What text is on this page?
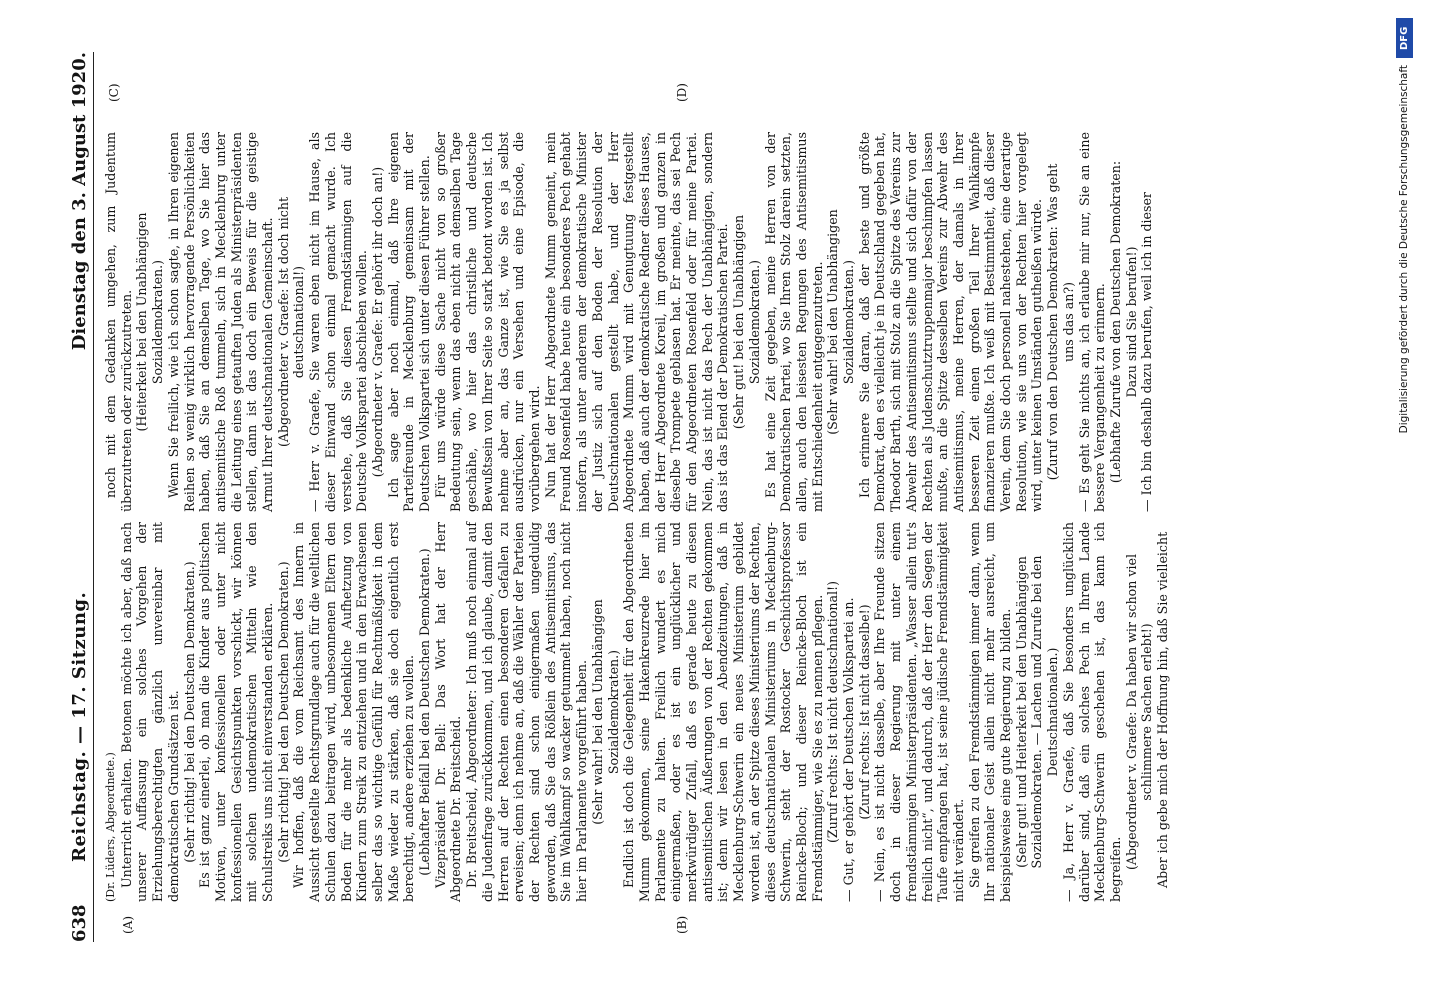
638
Reichstag. — 17. Sitzung.
Dienstag den 3. August 1920.
(A)	(B)
(C)	(D)

(Dr. Lüders, Abgeordnete.) Unterricht erhalten. Betonen möchte ich aber, daß nach unserer Auffassung ein solches Vorgehen der Erziehungsberechtigten gänzlich unvereinbar mit demokratischen Grundsätzen ist. (Sehr richtig! bei den Deutschen Demokraten.) Es ist ganz einerlei, ob man die Kinder aus politischen Motiven, unter konfessionellen oder unter nicht konfessionellen Gesichtspunkten vorschickt, wir können mit solchen undemokratischen Mitteln wie den Schulstreiks uns nicht einverstanden erklären. (Sehr richtig! bei den Deutschen Demokraten.) Wir hoffen, daß die vom Reichsamt des Innern in Aussicht gestellte Rechtsgrundlage auch für die weltlichen Schulen dazu beitragen wird, unbesonnenen Eltern den Boden für die mehr als bedenkliche Aufhetzung von Kindern zum Streik zu entziehen und in den Erwachsenen selber das so wichtige Gefühl für Rechtmäßigkeit in dem Maße wieder zu stärken, daß sie doch eigentlich erst berechtigt, andere erziehen zu wollen. (Lebhafter Beifall bei den Deutschen Demokraten.) Vizepräsident Dr. Bell: Das Wort hat der Herr Abgeordnete Dr. Breitscheid. Dr. Breitscheid, Abgeordneter: Ich muß noch einmal auf die Judenfrage zurückkommen, und ich glaube, damit den Herren auf der Rechten einen besonderen Gefallen zu erweisen; denn ich nehme an, daß die Wähler der Parteien der Rechten sind schon einigermaßen ungeduldig geworden, daß Sie das Rößlein des Antisemitismus, das Sie im Wahlkampf so wacker getummelt haben, noch nicht hier im Parlamente vorgeführt haben. (Sehr wahr! bei den Unabhängigen Sozialdemokraten.) Endlich ist doch die Gelegenheit für den Abgeordneten Mumm gekommen, seine Hakenkreuzrede hier im Parlamente zu halten. Freilich wundert es mich einigermaßen, oder es ist ein unglücklicher und merkwürdiger Zufall, daß es gerade heute zu diesen antisemitischen Äußerungen von der Rechten gekommen ist; denn wir lesen in den Abendzeitungen, daß in Mecklenburg-Schwerin ein neues Ministerium gebildet worden ist, an der Spitze dieses Ministeriums der Rechten, dieses deutschnationalen Ministeriums in Mecklenburg-Schwerin, steht der Rostocker Geschichtsprofessor Reincke-Bloch; und dieser Reincke-Bloch ist ein Fremdstämmiger, wie Sie es zu nennen pflegen. (Zuruf rechts: Ist nicht deutschnational!) — Gut, er gehört der Deutschen Volkspartei an. (Zuruf rechts: Ist nicht dasselbe!) — Nein, es ist nicht dasselbe, aber Ihre Freunde sitzen doch in dieser Regierung mit unter einem fremdstämmigen Ministerpräsidenten. „Wasser allein tut's freilich nicht“, und dadurch, daß der Herr den Segen der Taufe empfangen hat, ist seine jüdische Fremdstämmigkeit nicht verändert. Sie greifen zu den Fremdstämmigen immer dann, wenn Ihr nationaler Geist allein nicht mehr ausreicht, um beispielsweise eine gute Regierung zu bilden. (Sehr gut! und Heiterkeit bei den Unabhängigen Sozialdemokraten. — Lachen und Zurufe bei den Deutschnationalen.) — Ja, Herr v. Graefe, daß Sie besonders unglücklich darüber sind, daß ein solches Pech in Ihrem Lande Mecklenburg-Schwerin geschehen ist, das kann ich begreifen. (Abgeordneter v. Graefe: Da haben wir schon viel schlimmere Sachen erlebt!) Aber ich gebe mich der Hoffnung hin, daß Sie vielleicht

noch mit dem Gedanken umgehen, zum Judentum überzutreten oder zurückzutreten. (Heiterkeit bei den Unabhängigen Sozialdemokraten.) Wenn Sie freilich, wie ich schon sagte, in Ihren eigenen Reihen so wenig wirklich hervorragende Persönlichkeiten haben, daß Sie an demselben Tage, wo Sie hier das antisemitische Roß tummeln, sich in Mecklenburg unter die Leitung eines getauften Juden als Ministerpräsidenten stellen, dann ist das doch ein Beweis für die geistige Armut Ihrer deutschnationalen Gemeinschaft. (Abgeordneter v. Graefe: Ist doch nicht deutschnational!) — Herr v. Graefe, Sie waren eben nicht im Hause, als dieser Einwand schon einmal gemacht wurde. Ich verstehe, daß Sie diesen Fremdstämmigen auf die Deutsche Volkspartei abschieben wollen. (Abgeordneter v. Graefe: Er gehört ihr doch an!) Ich sage aber noch einmal, daß Ihre eigenen Parteifreunde in Mecklenburg gemeinsam mit der Deutschen Volkspartei sich unter diesen Führer stellen. Für uns würde diese Sache nicht von so großer Bedeutung sein, wenn das eben nicht an demselben Tage geschähe, wo hier das christliche und deutsche Bewußtsein von Ihrer Seite so stark betont worden ist. Ich nehme aber an, das Ganze ist, wie Sie es ja selbst ausdrücken, nur ein Versehen und eine Episode, die vorübergehen wird. Nun hat der Herr Abgeordnete Mumm gemeint, mein Freund Rosenfeld habe heute ein besonderes Pech gehabt insofern, als unter anderem der demokratische Minister der Justiz sich auf den Boden der Resolution der Deutschnationalen gestellt habe, und der Herr Abgeordnete Mumm wird mit Genugtuung festgestellt haben, daß auch der demokratische Redner dieses Hauses, der Herr Abgeordnete Koreil, im großen und ganzen in dieselbe Trompete geblasen hat. Er meinte, das sei Pech für den Abgeordneten Rosenfeld oder für meine Partei. Nein, das ist nicht das Pech der Unabhängigen, sondern das ist das Elend der Demokratischen Partei. (Sehr gut! bei den Unabhängigen Sozialdemokraten.) Es hat eine Zeit gegeben, meine Herren von der Demokratischen Partei, wo Sie Ihren Stolz darein setzten, allen, auch den leisesten Regungen des Antisemitismus mit Entschiedenheit entgegenzutreten. (Sehr wahr! bei den Unabhängigen Sozialdemokraten.) Ich erinnere Sie daran, daß der beste und größte Demokrat, den es vielleicht je in Deutschland gegeben hat, Theodor Barth, sich mit Stolz an die Spitze des Vereins zur Abwehr des Antisemitismus stellte und sich dafür von der Rechten als Judenschutztruppenmajor beschimpfen lassen mußte, an die Spitze desselben Vereins zur Abwehr des Antisemitismus, meine Herren, der damals in Ihrer besseren Zeit einen großen Teil Ihrer Wahlkämpfe finanzieren mußte. Ich weiß mit Bestimmtheit, daß dieser Verein, dem Sie doch personell nahestehen, eine derartige Resolution, wie sie uns von der Rechten hier vorgelegt wird, unter keinen Umständen gutheißen würde. (Zuruf von den Deutschen Demokraten: Was geht uns das an?) — Es geht Sie nichts an, ich erlaube mir nur, Sie an eine bessere Vergangenheit zu erinnern. (Lebhafte Zurufe von den Deutschen Demokraten: Dazu sind Sie berufen!) — Ich bin deshalb dazu berufen, weil ich in dieser

DFG
Digitalisierung gefördert durch die Deutsche Forschungsgemeinschaft
